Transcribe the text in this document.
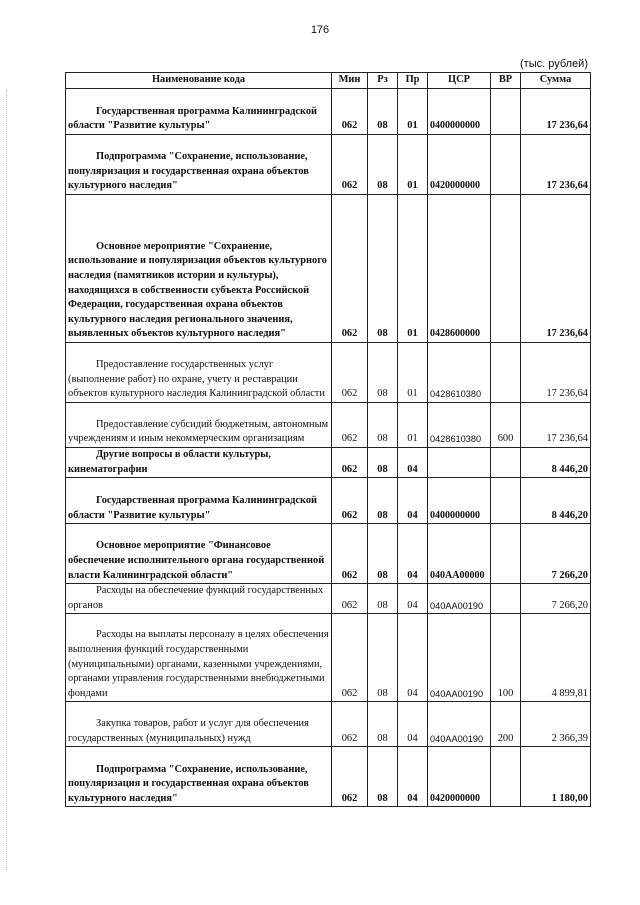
176
(тыс. рублей)
Наименование кода	Мин	Рз	Пр	ЦСР	ВР	Сумма
Государственная программа Калининградской области "Развитие культуры"	062	08	01	0400000000		17 236,64
Подпрограмма "Сохранение, использование, популяризация и государственная охрана объектов культурного наследия"	062	08	01	0420000000		17 236,64
Основное мероприятие "Сохранение, использование и популяризация объектов культурного наследия (памятников истории и культуры), находящихся в собственности субъекта Российской Федерации, государственная охрана объектов культурного наследия регионального значения, выявленных объектов культурного наследия"	062	08	01	0428600000		17 236,64
Предоставление государственных услуг (выполнение работ) по охране, учету и реставрации объектов культурного наследия Калининградской области	062	08	01	0428610380		17 236,64
Предоставление субсидий бюджетным, автономным учреждениям и иным некоммерческим организациям	062	08	01	0428610380	600	17 236,64
Другие вопросы в области культуры, кинематографии	062	08	04			8 446,20
Государственная программа Калининградской области "Развитие культуры"	062	08	04	0400000000		8 446,20
Основное мероприятие "Финансовое обеспечение исполнительного органа государственной власти Калининградской области"	062	08	04	040АА00000		7 266,20
Расходы на обеспечение функций государственных органов	062	08	04	040АА00190		7 266,20
Расходы на выплаты персоналу в целях обеспечения выполнения функций государственными (муниципальными) органами, казенными учреждениями, органами управления государственными внебюджетными фондами	062	08	04	040АА00190	100	4 899,81
Закупка товаров, работ и услуг для обеспечения государственных (муниципальных) нужд	062	08	04	040АА00190	200	2 366,39
Подпрограмма "Сохранение, использование, популяризация и государственная охрана объектов культурного наследия"	062	08	04	0420000000		1 180,00
